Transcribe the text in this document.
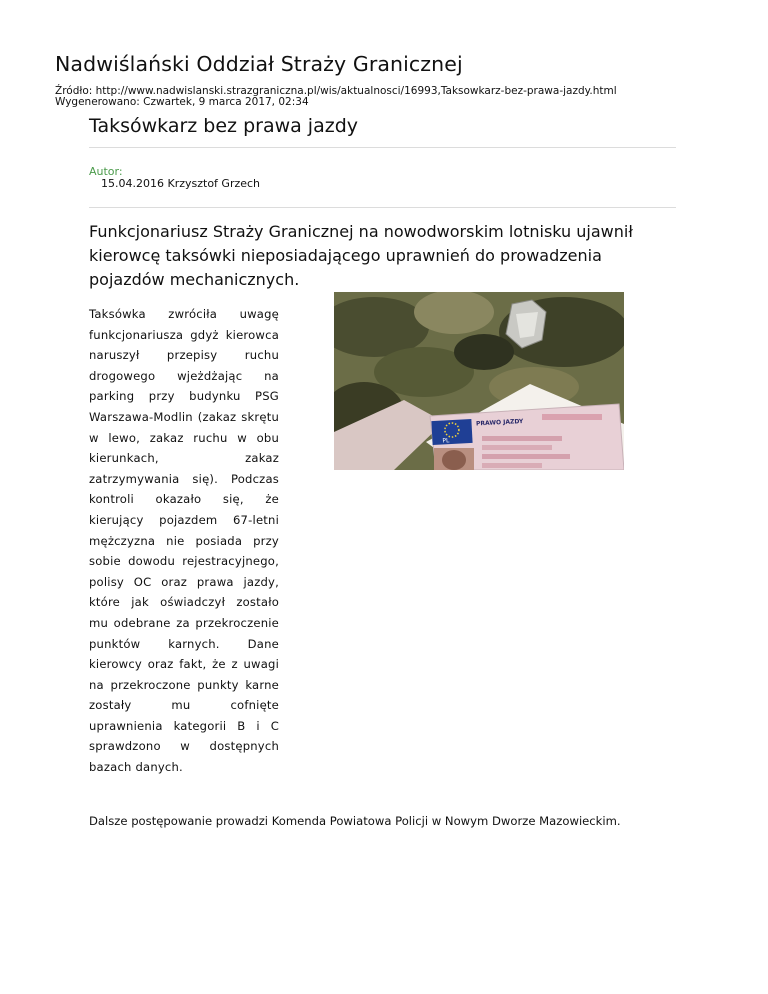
Nadwiślański Oddział Straży Granicznej
Źródło: http://www.nadwislanski.strazgraniczna.pl/wis/aktualnosci/16993,Taksowkarz-bez-prawa-jazdy.html
Wygenerowano: Czwartek, 9 marca 2017, 02:34
Taksówkarz bez prawa jazdy
Autor:
15.04.2016 Krzysztof Grzech

Funkcjonariusz Straży Granicznej na nowodworskim lotnisku ujawnił kierowcę taksówki nieposiadającego uprawnień do prowadzenia pojazdów mechanicznych.

Taksówka zwróciła uwagę funkcjonariusza gdyż kierowca naruszył przepisy ruchu drogowego wjeżdżając na parking przy budynku PSG Warszawa-Modlin (zakaz skrętu w lewo, zakaz ruchu w obu kierunkach, zakaz zatrzymywania się). Podczas kontroli okazało się, że kierujący pojazdem 67-letni mężczyzna nie posiada przy sobie dowodu rejestracyjnego, polisy OC oraz prawa jazdy, które jak oświadczył zostało mu odebrane za przekroczenie punktów karnych. Dane kierowcy oraz fakt, że z uwagi na przekroczone punkty karne zostały mu cofnięte uprawnienia kategorii B i C sprawdzono w dostępnych bazach danych.

PL
PRAWO JAZDY

Dalsze postępowanie prowadzi Komenda Powiatowa Policji w Nowym Dworze Mazowieckim.
